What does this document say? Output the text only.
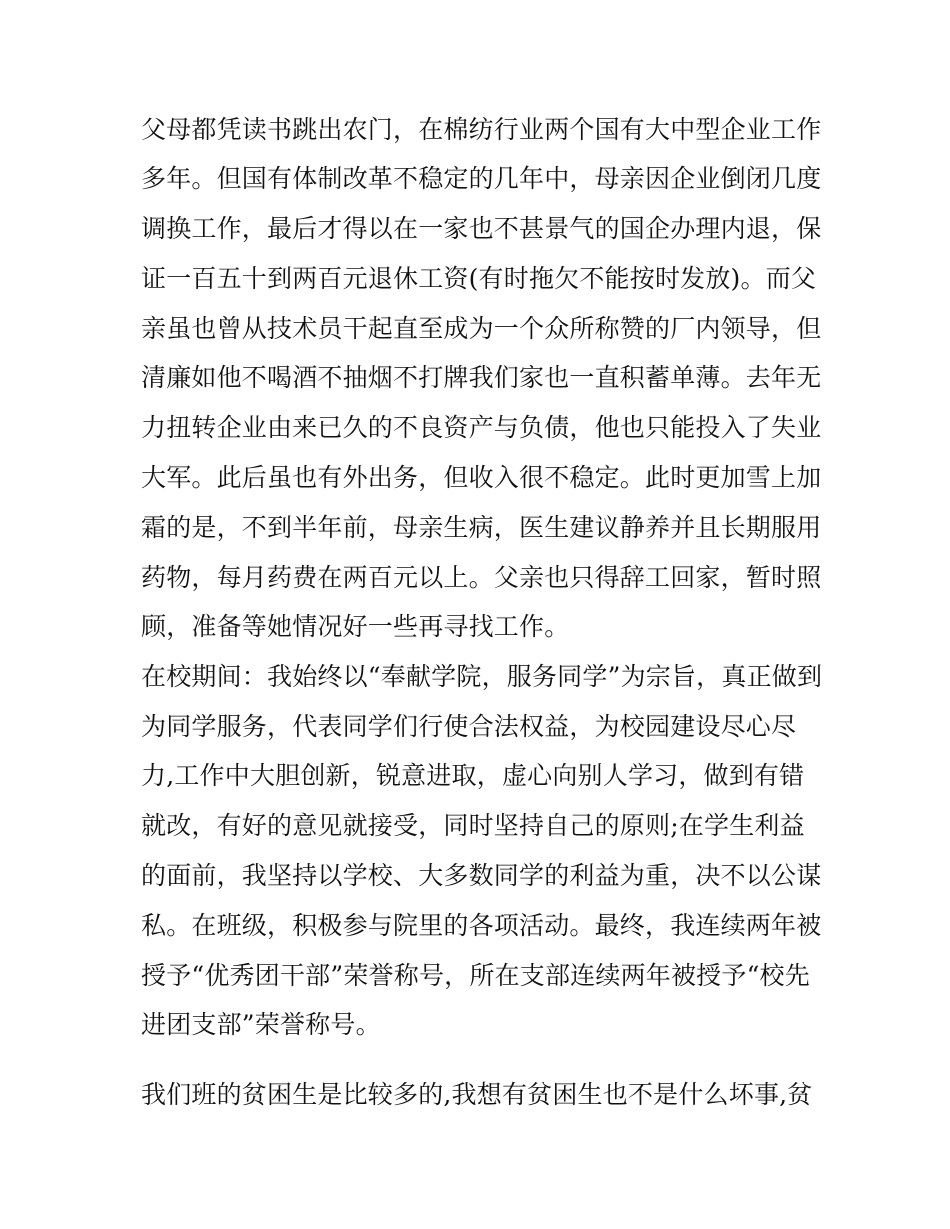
父母都凭读书跳出农门，在棉纺行业两个国有大中型企业工作
多年。但国有体制改革不稳定的几年中，母亲因企业倒闭几度
调换工作，最后才得以在一家也不甚景气的国企办理内退，保
证一百五十到两百元退休工资(有时拖欠不能按时发放)。而父
亲虽也曾从技术员干起直至成为一个众所称赞的厂内领导，但
清廉如他不喝酒不抽烟不打牌我们家也一直积蓄单薄。去年无
力扭转企业由来已久的不良资产与负债，他也只能投入了失业
大军。此后虽也有外出务，但收入很不稳定。此时更加雪上加
霜的是，不到半年前，母亲生病，医生建议静养并且长期服用
药物，每月药费在两百元以上。父亲也只得辞工回家，暂时照
顾，准备等她情况好一些再寻找工作。
在校期间：我始终以“奉献学院，服务同学”为宗旨，真正做到
为同学服务，代表同学们行使合法权益，为校园建设尽心尽
力,工作中大胆创新，锐意进取，虚心向别人学习，做到有错
就改，有好的意见就接受，同时坚持自己的原则;在学生利益
的面前，我坚持以学校、大多数同学的利益为重，决不以公谋
私。在班级，积极参与院里的各项活动。最终，我连续两年被
授予“优秀团干部”荣誉称号，所在支部连续两年被授予“校先
进团支部”荣誉称号。
我们班的贫困生是比较多的,我想有贫困生也不是什么坏事,贫
